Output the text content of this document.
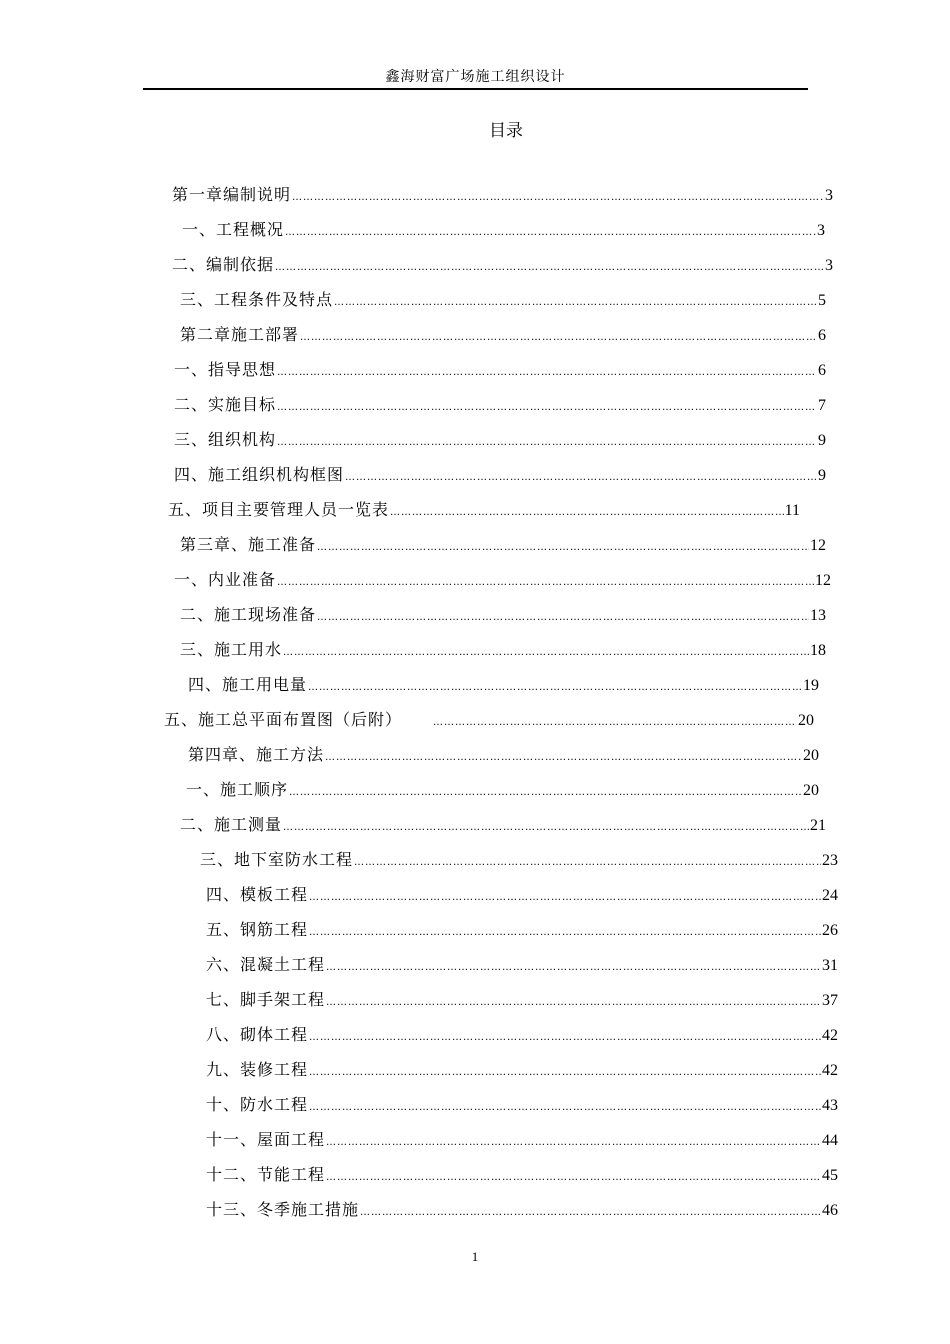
鑫海财富广场施工组织设计
目录
第一章编制说明 ……………………………………………………………………………………………………………………………………………………………………………………	3
一、工程概况 ……………………………………………………………………………………………………………………………………………………………………………………	3
二、编制依据 ……………………………………………………………………………………………………………………………………………………………………………………	3
三、工程条件及特点 ……………………………………………………………………………………………………………………………………………………………………………………	5
第二章施工部署 ……………………………………………………………………………………………………………………………………………………………………………………	6
一、指导思想 ……………………………………………………………………………………………………………………………………………………………………………………	6
二、实施目标 ……………………………………………………………………………………………………………………………………………………………………………………	7
三、组织机构 ……………………………………………………………………………………………………………………………………………………………………………………	9
四、施工组织机构框图 ……………………………………………………………………………………………………………………………………………………………………………………	9
五、项目主要管理人员一览表 ……………………………………………………………………………………………………………………………………………………………………………………	11
第三章、施工准备 ……………………………………………………………………………………………………………………………………………………………………………………	12
一、内业准备 ……………………………………………………………………………………………………………………………………………………………………………………	12
二、施工现场准备 ……………………………………………………………………………………………………………………………………………………………………………………	13
三、施工用水 ……………………………………………………………………………………………………………………………………………………………………………………	18
四、施工用电量 ……………………………………………………………………………………………………………………………………………………………………………………	19
五、施工总平面布置图（后附） ……………………………………………………………………………………………………………………………………………………………………………………	20
第四章、施工方法 ……………………………………………………………………………………………………………………………………………………………………………………	20
一、施工顺序 ……………………………………………………………………………………………………………………………………………………………………………………	20
二、施工测量 ……………………………………………………………………………………………………………………………………………………………………………………	21
三、地下室防水工程 ……………………………………………………………………………………………………………………………………………………………………………………	23
四、模板工程 ……………………………………………………………………………………………………………………………………………………………………………………	24
五、钢筋工程 ……………………………………………………………………………………………………………………………………………………………………………………	26
六、混凝土工程 ……………………………………………………………………………………………………………………………………………………………………………………	31
七、脚手架工程 ……………………………………………………………………………………………………………………………………………………………………………………	37
八、砌体工程 ……………………………………………………………………………………………………………………………………………………………………………………	42
九、装修工程 ……………………………………………………………………………………………………………………………………………………………………………………	42
十、防水工程 ……………………………………………………………………………………………………………………………………………………………………………………	43
十一、屋面工程 ……………………………………………………………………………………………………………………………………………………………………………………	44
十二、节能工程 ……………………………………………………………………………………………………………………………………………………………………………………	45
十三、冬季施工措施 ……………………………………………………………………………………………………………………………………………………………………………………	46
1
